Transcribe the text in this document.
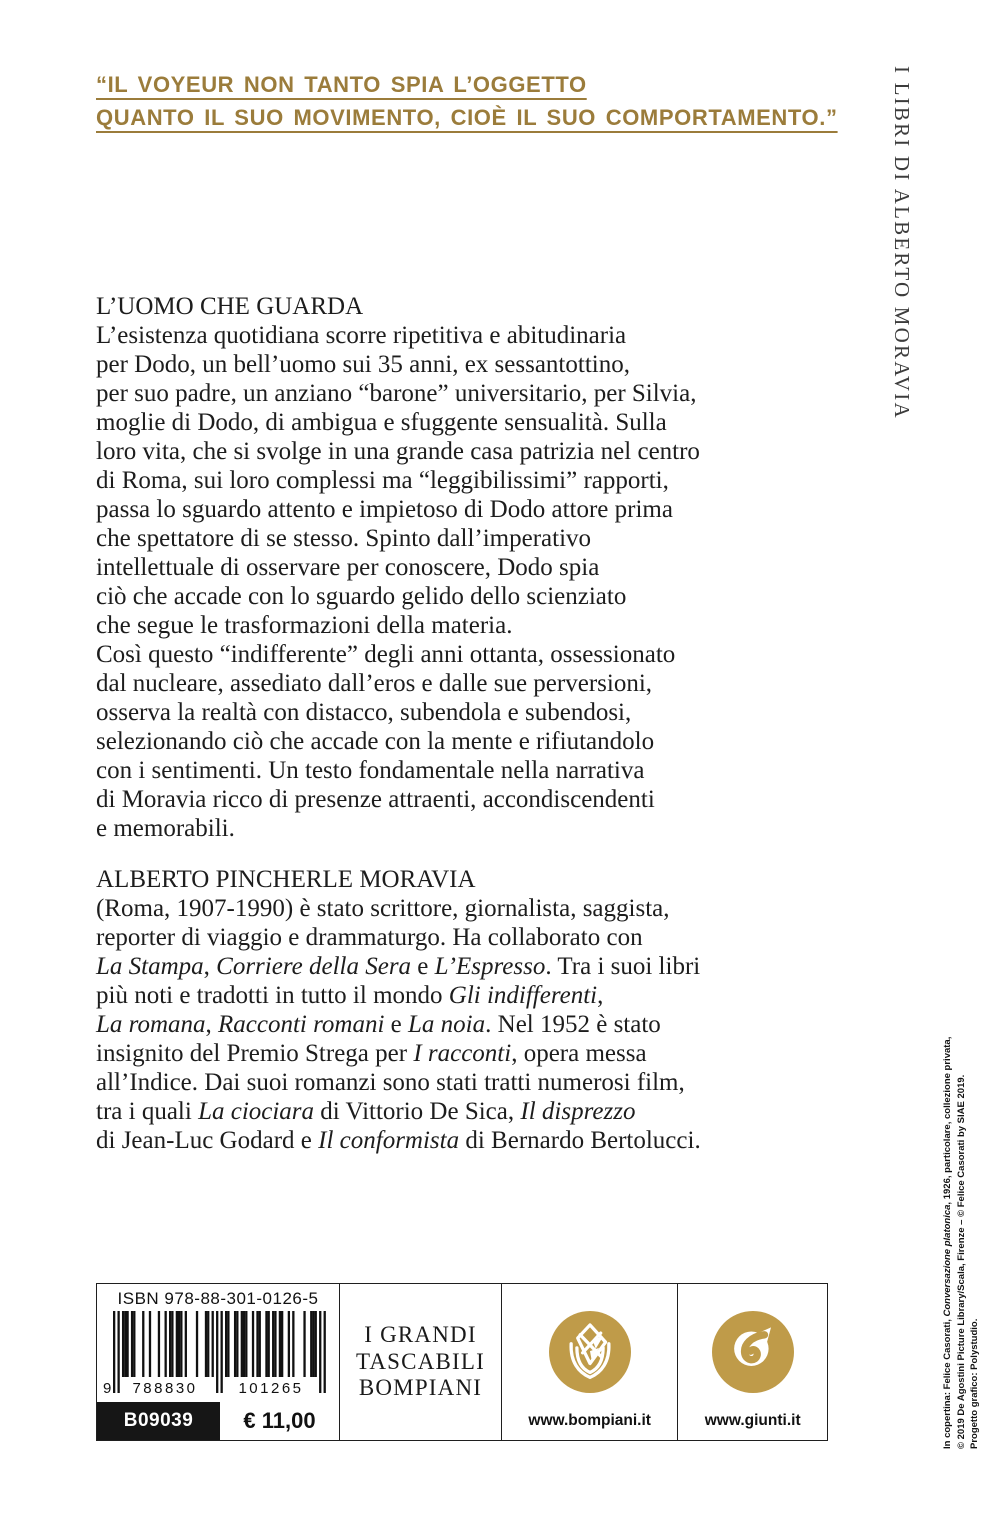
“IL VOYEUR NON TANTO SPIA L’OGGETTO
QUANTO IL SUO MOVIMENTO, CIOÈ IL SUO COMPORTAMENTO.” I LIBRI DI ALBERTO MORAVIA
L’UOMO CHE GUARDA
L’esistenza quotidiana scorre ripetitiva e abitudinaria
per Dodo, un bell’uomo sui 35 anni, ex sessantottino,
per suo padre, un anziano “barone” universitario, per Silvia,
moglie di Dodo, di ambigua e sfuggente sensualità. Sulla
loro vita, che si svolge in una grande casa patrizia nel centro
di Roma, sui loro complessi ma “leggibilissimi” rapporti,
passa lo sguardo attento e impietoso di Dodo attore prima
che spettatore di se stesso. Spinto dall’imperativo
intellettuale di osservare per conoscere, Dodo spia
ciò che accade con lo sguardo gelido dello scienziato
che segue le trasformazioni della materia.
Così questo “indifferente” degli anni ottanta, ossessionato
dal nucleare, assediato dall’eros e dalle sue perversioni,
osserva la realtà con distacco, subendola e subendosi,
selezionando ciò che accade con la mente e rifiutandolo
con i sentimenti. Un testo fondamentale nella narrativa
di Moravia ricco di presenze attraenti, accondiscendenti
e memorabili.
ALBERTO PINCHERLE MORAVIA
(Roma, 1907-1990) è stato scrittore, giornalista, saggista,
reporter di viaggio e drammaturgo. Ha collaborato con
La Stampa, Corriere della Sera e L’Espresso. Tra i suoi libri
più noti e tradotti in tutto il mondo Gli indifferenti,
La romana, Racconti romani e La noia. Nel 1952 è stato
insignito del Premio Strega per I racconti, opera messa
all’Indice. Dai suoi romanzi sono stati tratti numerosi film,
tra i quali La ciociara di Vittorio De Sica, Il disprezzo
di Jean-Luc Godard e Il conformista di Bernardo Bertolucci.
In copertina: Felice Casorati, Conversazione platonica, 1926, particolare, collezione privata, © 2019 De Agostini Picture Library/Scala, Firenze – © Felice Casorati by SIAE 2019. Progetto grafico: Polystudio.
ISBN 978-88-301-0126-5
9 788830	101265
B09039	€ 11,00
I GRANDI
TASCABILI
BOMPIANI
www.bompiani.it	www.giunti.it
